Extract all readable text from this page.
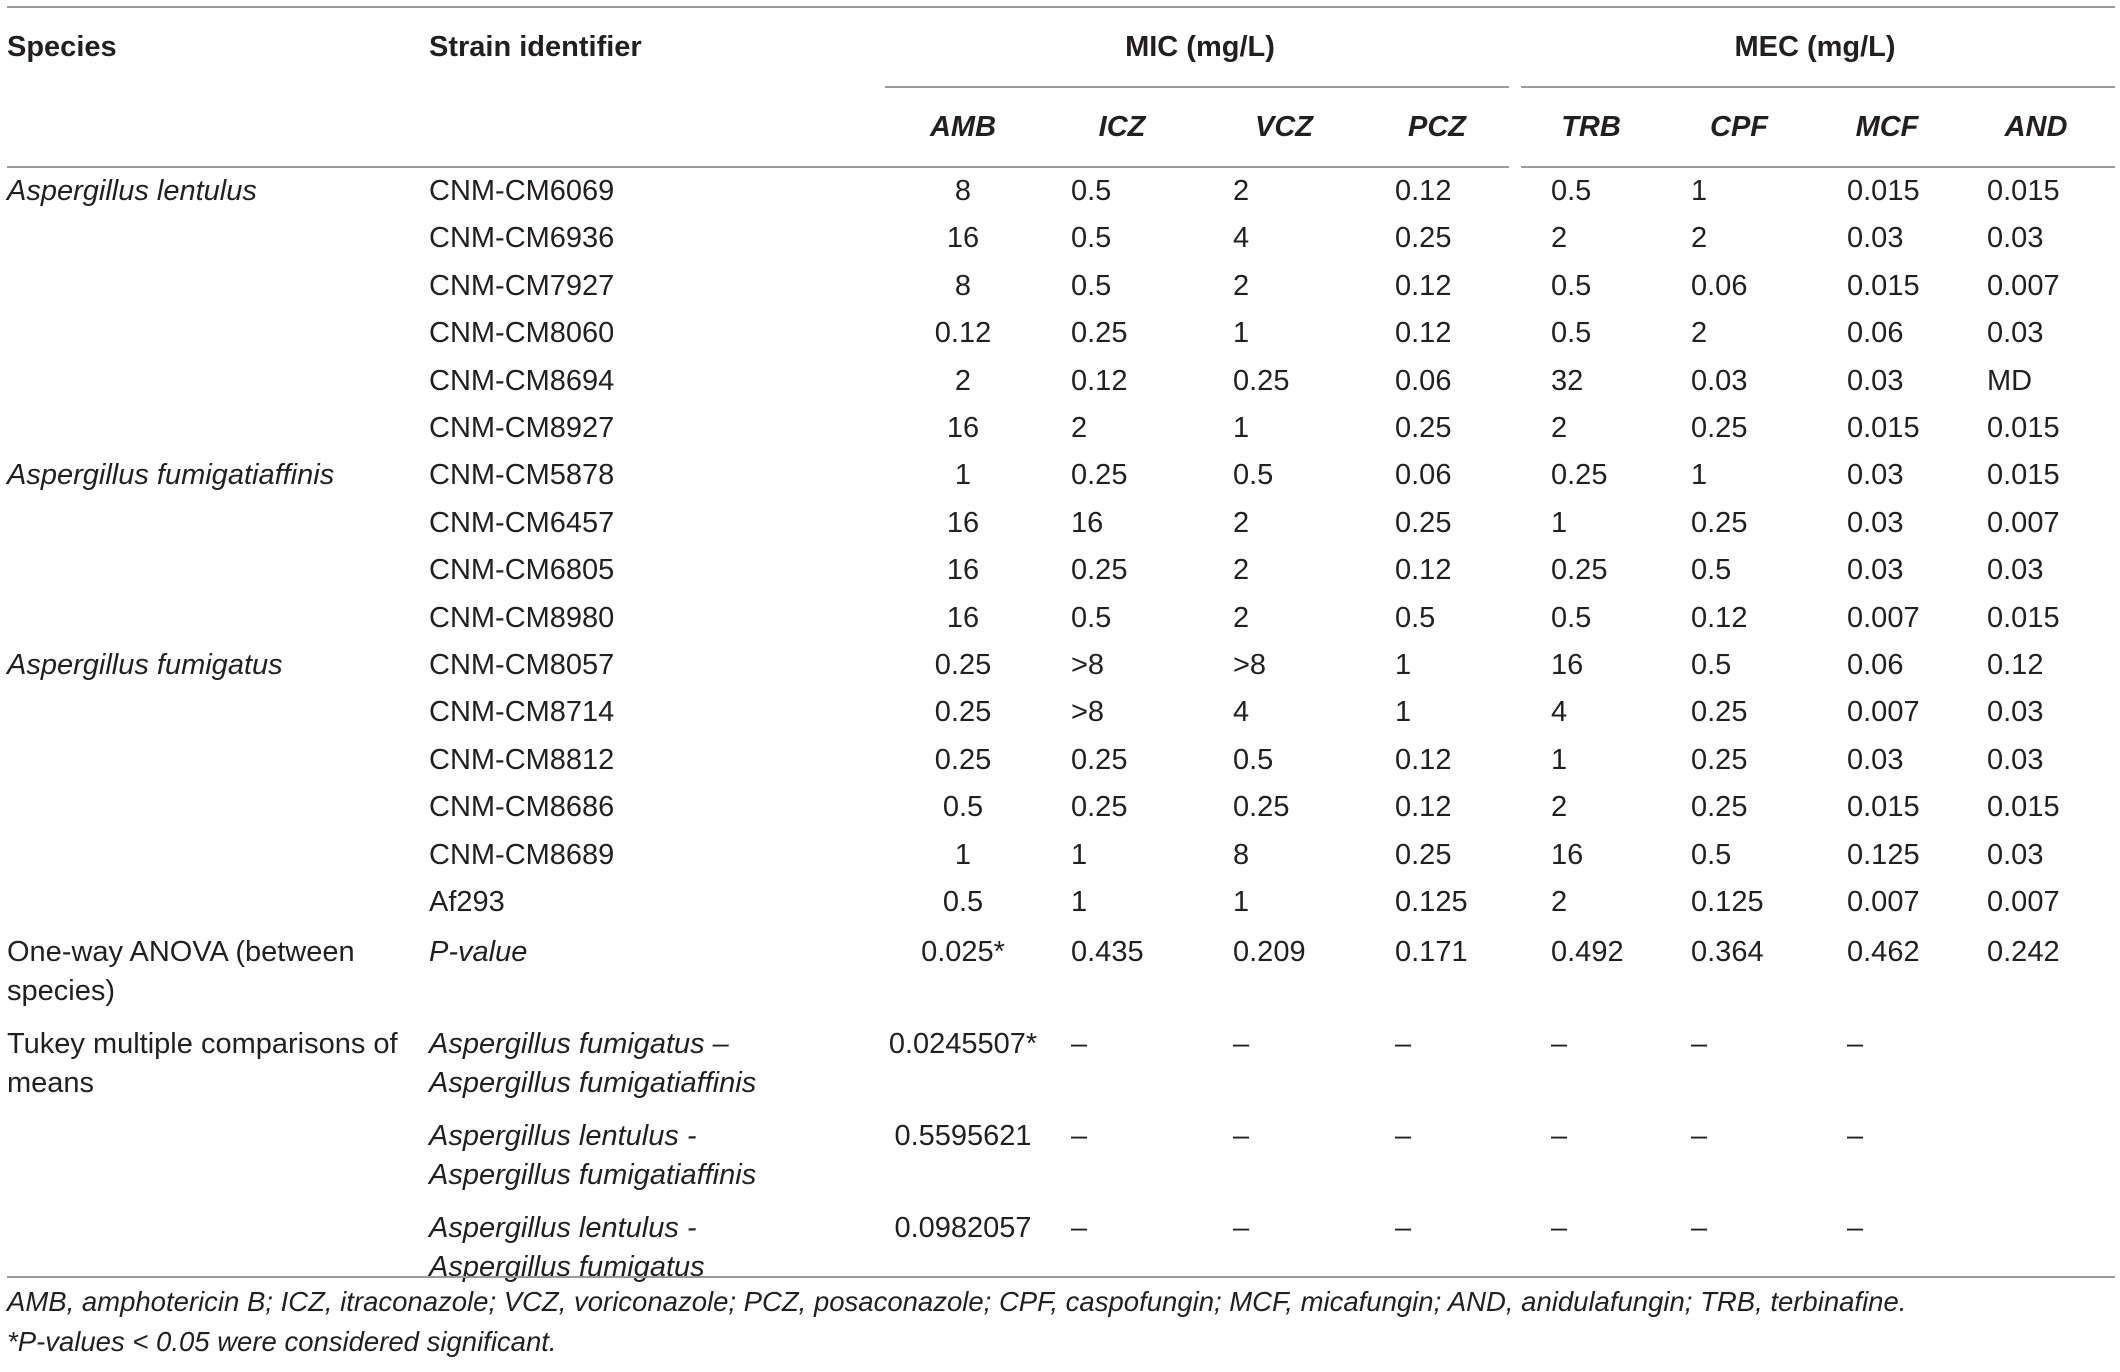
Species	Strain identifier	MIC (mg/L)				MEC (mg/L)			
		AMB	ICZ	VCZ	PCZ	TRB	CPF	MCF	AND
Aspergillus lentulus	CNM-CM6069	8	0.5	2	0.12	0.5	1	0.015	0.015
	CNM-CM6936	16	0.5	4	0.25	2	2	0.03	0.03
	CNM-CM7927	8	0.5	2	0.12	0.5	0.06	0.015	0.007
	CNM-CM8060	0.12	0.25	1	0.12	0.5	2	0.06	0.03
	CNM-CM8694	2	0.12	0.25	0.06	32	0.03	0.03	MD
	CNM-CM8927	16	2	1	0.25	2	0.25	0.015	0.015
Aspergillus fumigatiaffinis	CNM-CM5878	1	0.25	0.5	0.06	0.25	1	0.03	0.015
	CNM-CM6457	16	16	2	0.25	1	0.25	0.03	0.007
	CNM-CM6805	16	0.25	2	0.12	0.25	0.5	0.03	0.03
	CNM-CM8980	16	0.5	2	0.5	0.5	0.12	0.007	0.015
Aspergillus fumigatus	CNM-CM8057	0.25	>8	>8	1	16	0.5	0.06	0.12
	CNM-CM8714	0.25	>8	4	1	4	0.25	0.007	0.03
	CNM-CM8812	0.25	0.25	0.5	0.12	1	0.25	0.03	0.03
	CNM-CM8686	0.5	0.25	0.25	0.12	2	0.25	0.015	0.015
	CNM-CM8689	1	1	8	0.25	16	0.5	0.125	0.03
	Af293	0.5	1	1	0.125	2	0.125	0.007	0.007
One-way ANOVA (between species)	P-value	0.025*	0.435	0.209	0.171	0.492	0.364	0.462	0.242
Tukey multiple comparisons of means	Aspergillus fumigatus – Aspergillus fumigatiaffinis	0.0245507*	–	–	–	–	–	–	
	Aspergillus lentulus - Aspergillus fumigatiaffinis	0.5595621	–	–	–	–	–	–	
	Aspergillus lentulus - Aspergillus fumigatus	0.0982057	–	–	–	–	–	–	
AMB, amphotericin B; ICZ, itraconazole; VCZ, voriconazole; PCZ, posaconazole; CPF, caspofungin; MCF, micafungin; AND, anidulafungin; TRB, terbinafine.
*P-values < 0.05 were considered significant.
